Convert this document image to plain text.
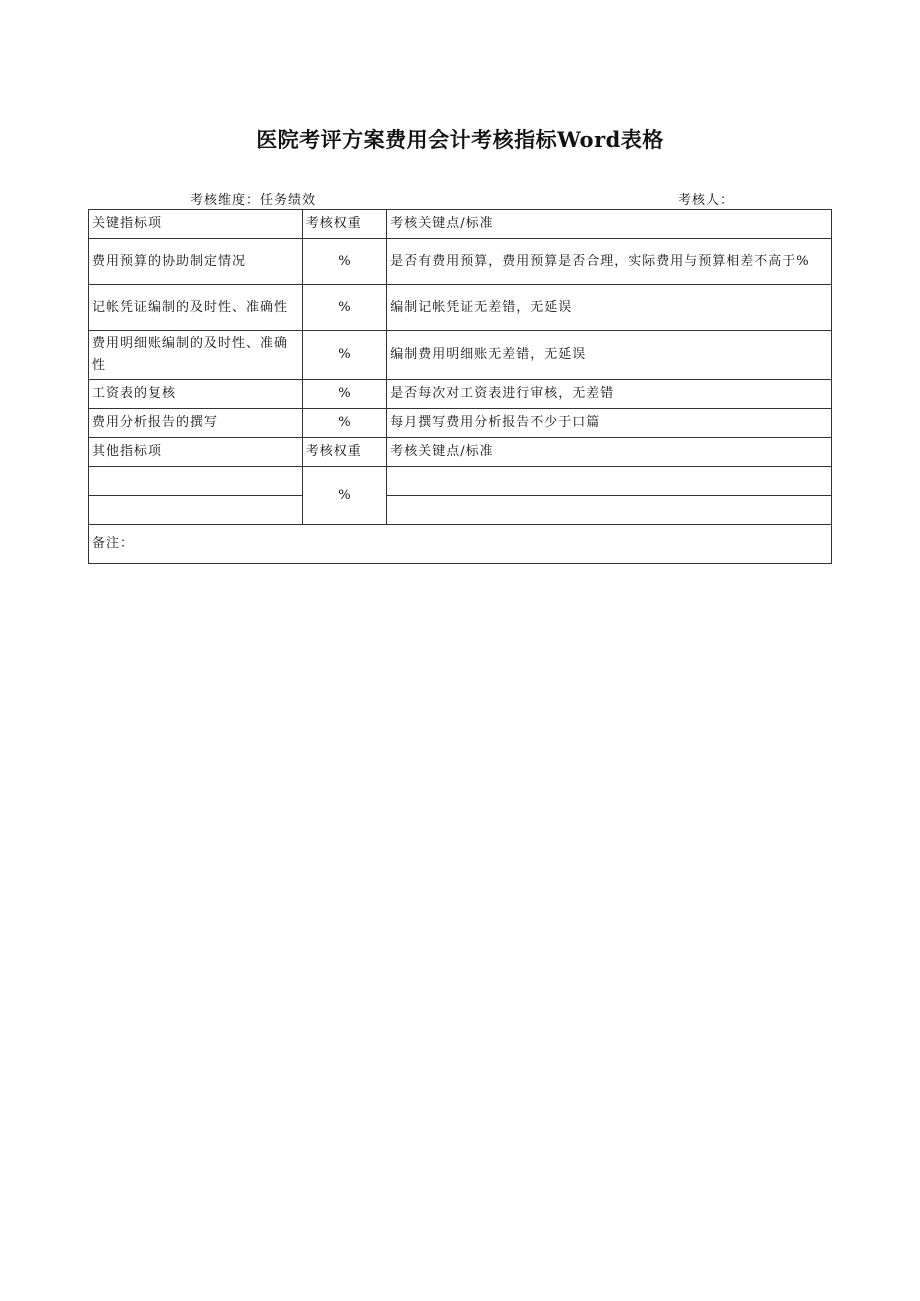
医院考评方案费用会计考核指标Word表格
考核维度：任务绩效	考核人：
关键指标项	考核权重	考核关键点/标准
费用预算的协助制定情况	%	是否有费用预算，费用预算是否合理，实际费用与预算相差不高于%
记帐凭证编制的及时性、准确性	%	编制记帐凭证无差错，无延误
费用明细账编制的及时性、准确性	%	编制费用明细账无差错，无延误
工资表的复核	%	是否每次对工资表进行审核，无差错
费用分析报告的撰写	%	每月撰写费用分析报告不少于口篇
其他指标项	考核权重	考核关键点/标准
	%	

备注：		
